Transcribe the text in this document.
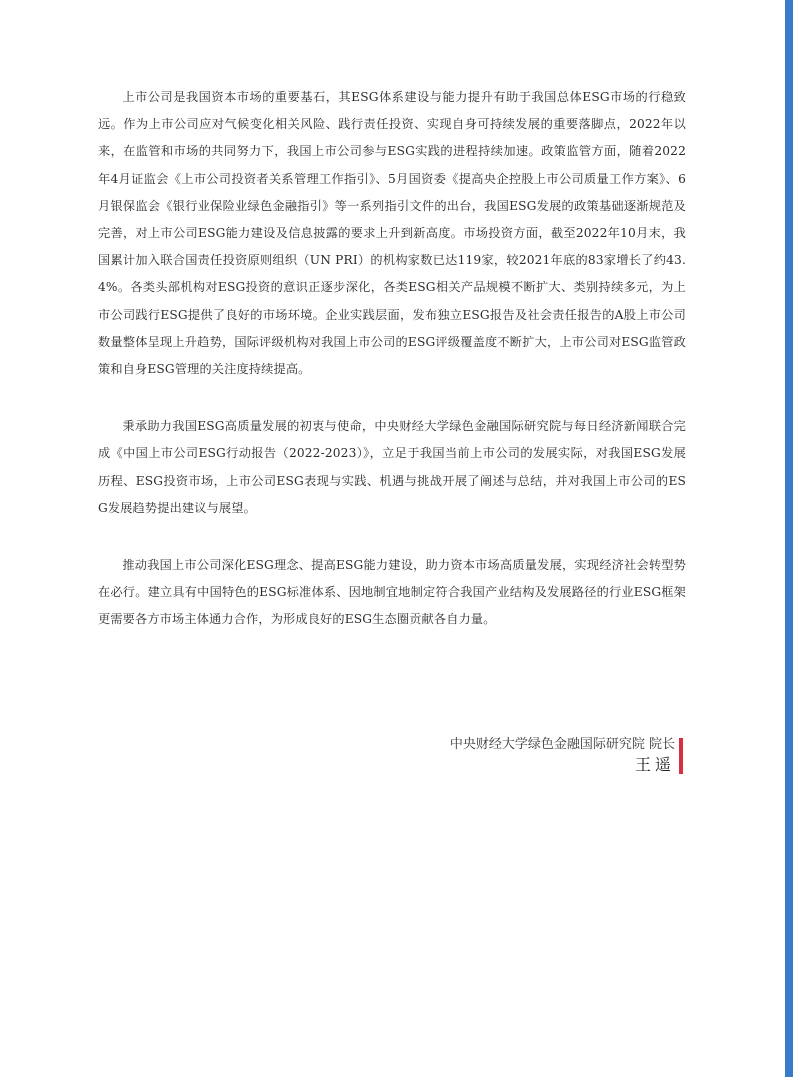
上市公司是我国资本市场的重要基石，其ESG体系建设与能力提升有助于我国总体ESG市场的行稳致远。作为上市公司应对气候变化相关风险、践行责任投资、实现自身可持续发展的重要落脚点，2022年以来，在监管和市场的共同努力下，我国上市公司参与ESG实践的进程持续加速。政策监管方面，随着2022年4月证监会《上市公司投资者关系管理工作指引》、5月国资委《提高央企控股上市公司质量工作方案》、6月银保监会《银行业保险业绿色金融指引》等一系列指引文件的出台，我国ESG发展的政策基础逐渐规范及完善，对上市公司ESG能力建设及信息披露的要求上升到新高度。市场投资方面，截至2022年10月末，我国累计加入联合国责任投资原则组织（UN PRI）的机构家数已达119家，较2021年底的83家增长了约43.4%。各类头部机构对ESG投资的意识正逐步深化，各类ESG相关产品规模不断扩大、类别持续多元，为上市公司践行ESG提供了良好的市场环境。企业实践层面，发布独立ESG报告及社会责任报告的A股上市公司数量整体呈现上升趋势，国际评级机构对我国上市公司的ESG评级覆盖度不断扩大，上市公司对ESG监管政策和自身ESG管理的关注度持续提高。

秉承助力我国ESG高质量发展的初衷与使命，中央财经大学绿色金融国际研究院与每日经济新闻联合完成《中国上市公司ESG行动报告（2022-2023）》，立足于我国当前上市公司的发展实际，对我国ESG发展历程、ESG投资市场，上市公司ESG表现与实践、机遇与挑战开展了阐述与总结，并对我国上市公司的ESG发展趋势提出建议与展望。

推动我国上市公司深化ESG理念、提高ESG能力建设，助力资本市场高质量发展，实现经济社会转型势在必行。建立具有中国特色的ESG标准体系、因地制宜地制定符合我国产业结构及发展路径的行业ESG框架更需要各方市场主体通力合作，为形成良好的ESG生态圈贡献各自力量。

中央财经大学绿色金融国际研究院 院长
王遥
